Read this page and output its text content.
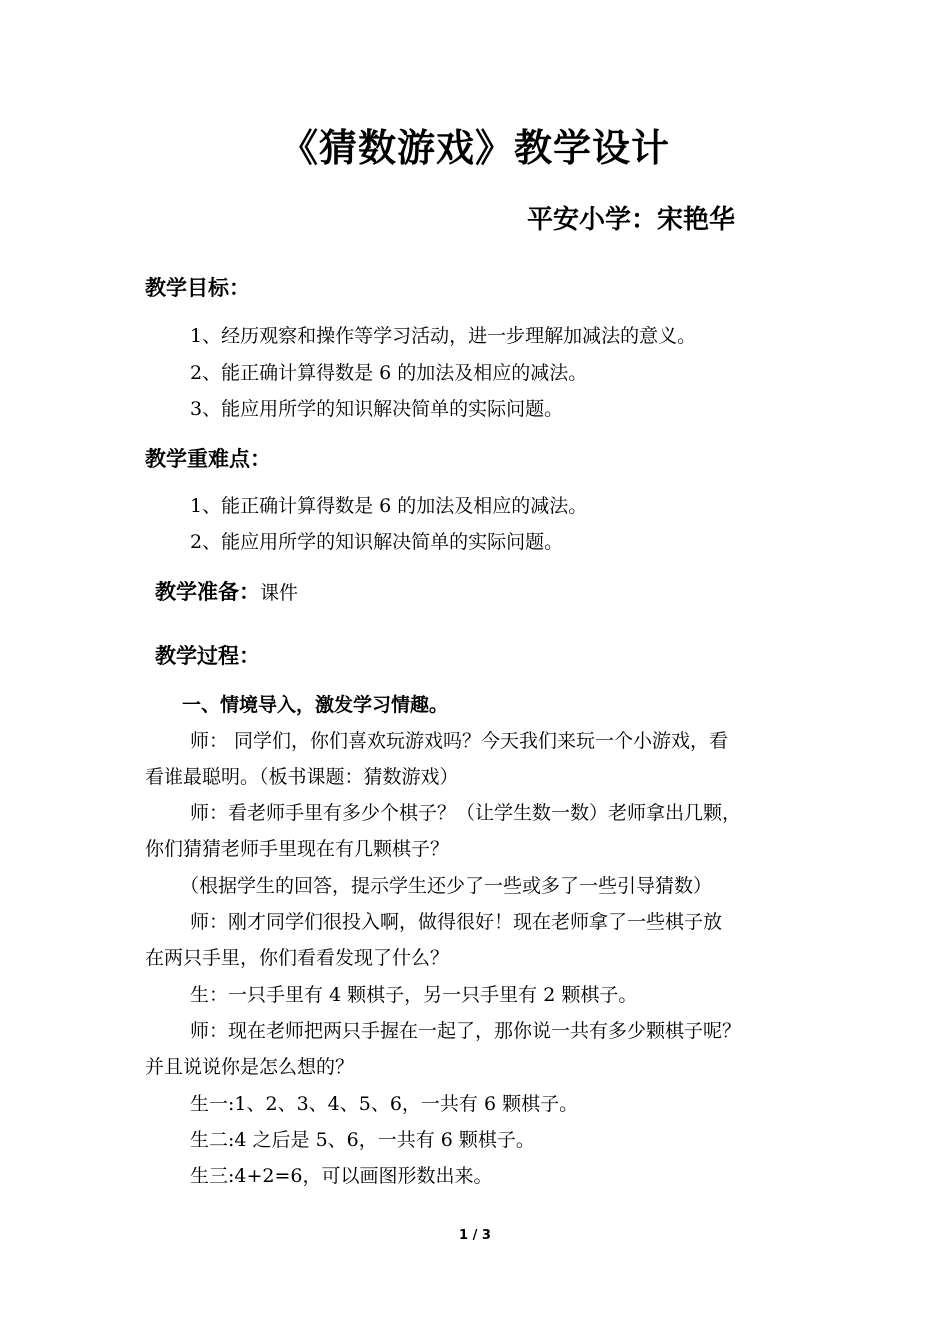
《猜数游戏》教学设计
平安小学：宋艳华
教学目标：
1、经历观察和操作等学习活动，进一步理解加减法的意义。
2、能正确计算得数是 6 的加法及相应的减法。
3、能应用所学的知识解决简单的实际问题。
教学重难点：
1、能正确计算得数是 6 的加法及相应的减法。
2、能应用所学的知识解决简单的实际问题。
教学准备：课件
教学过程：
一、情境导入，激发学习情趣。
师： 同学们，你们喜欢玩游戏吗？今天我们来玩一个小游戏，看
看谁最聪明。（板书课题：猜数游戏）
师：看老师手里有多少个棋子？（让学生数一数）老师拿出几颗，
你们猜猜老师手里现在有几颗棋子？
（根据学生的回答，提示学生还少了一些或多了一些引导猜数）
师：刚才同学们很投入啊，做得很好！现在老师拿了一些棋子放
在两只手里，你们看看发现了什么？
生：一只手里有 4 颗棋子，另一只手里有 2 颗棋子。
师：现在老师把两只手握在一起了，那你说一共有多少颗棋子呢？
并且说说你是怎么想的？
生一:1、2、3、4、5、6，一共有 6 颗棋子。
生二:4 之后是 5、6，一共有 6 颗棋子。
生三:4+2=6，可以画图形数出来。
1 / 3
